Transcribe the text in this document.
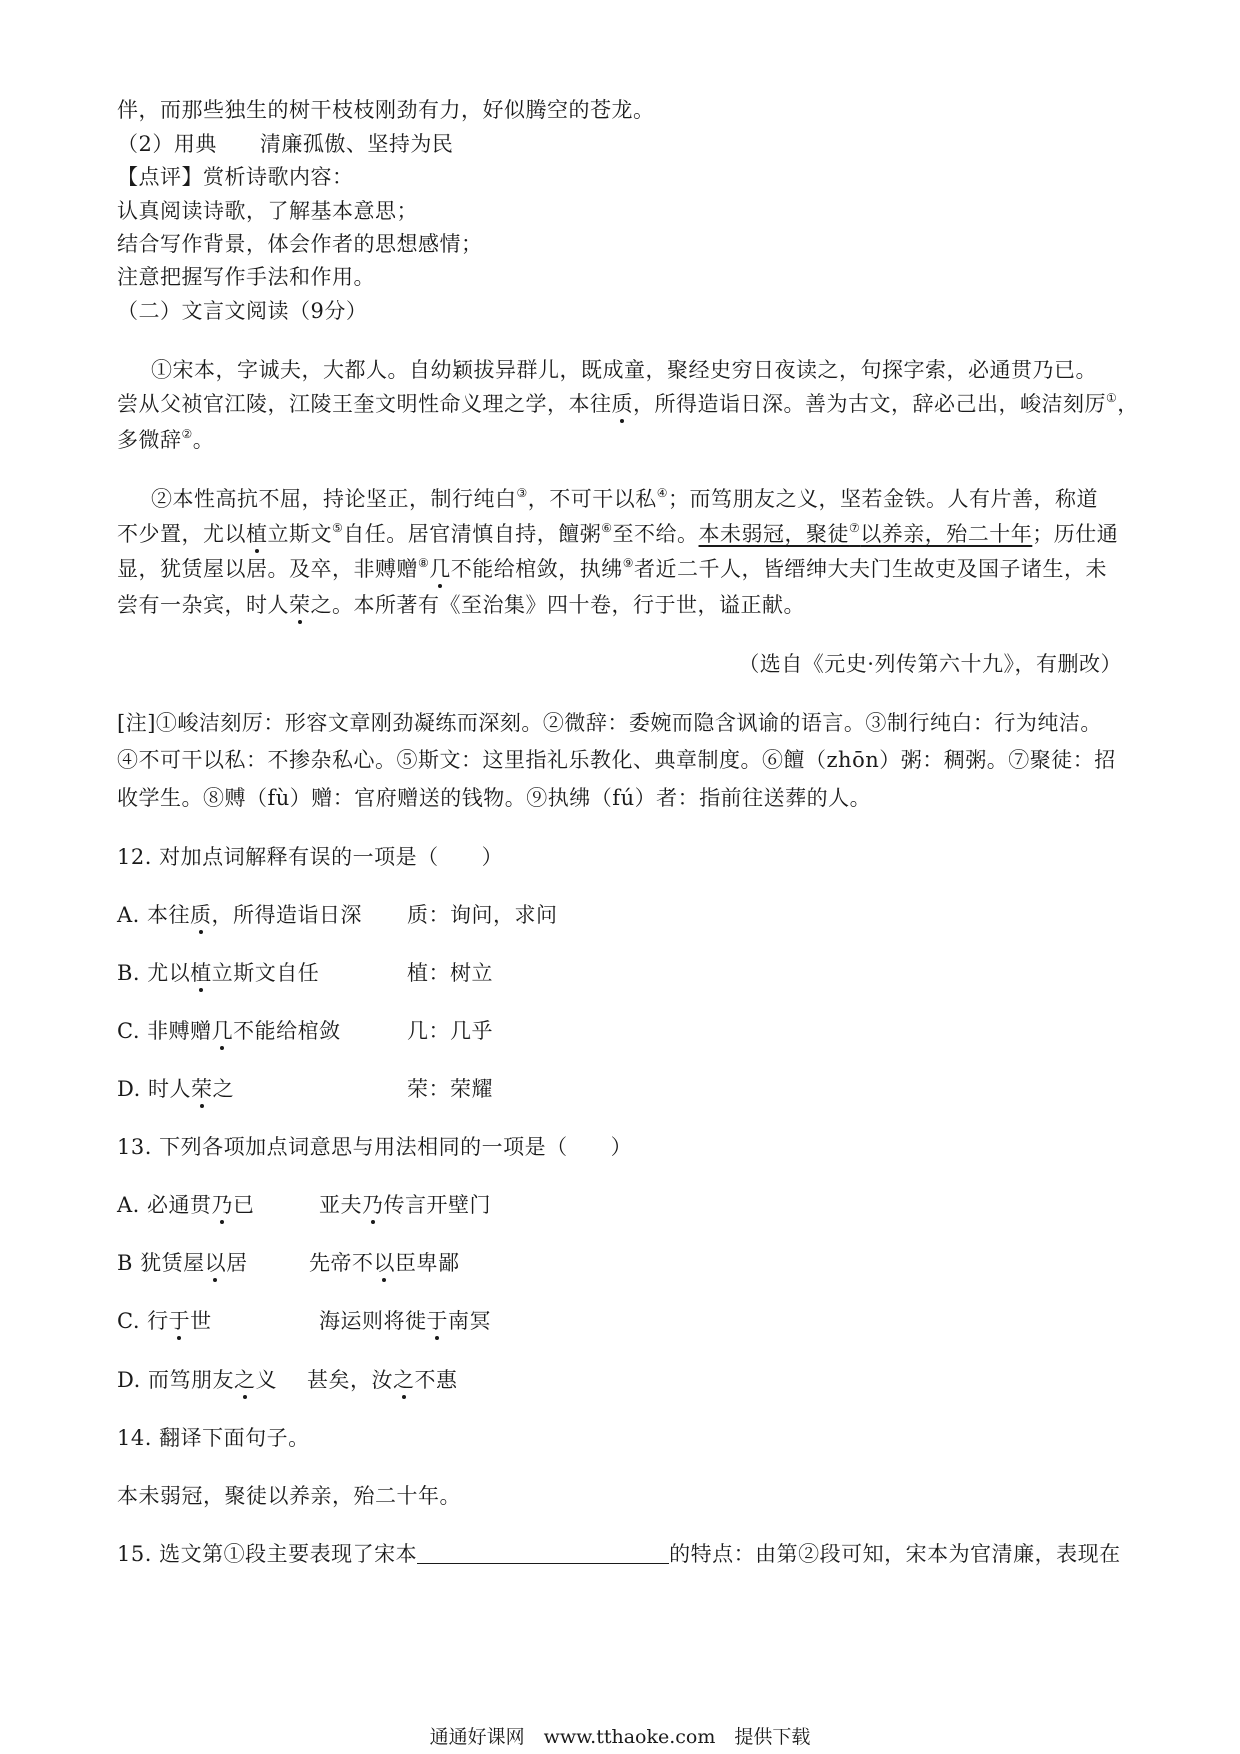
伴，而那些独生的树干枝枝刚劲有力，好似腾空的苍龙。
（2）用典　　清廉孤傲、坚持为民
【点评】赏析诗歌内容：
认真阅读诗歌，了解基本意思；
结合写作背景，体会作者的思想感情；
注意把握写作手法和作用。
（二）文言文阅读（9分）
①宋本，字诚夫，大都人。自幼颖拔异群儿，既成童，聚经史穷日夜读之，句探字索，必通贯乃已。
尝从父祯官江陵，江陵王奎文明性命义理之学，本往质，所得造诣日深。善为古文，辞必己出，峻洁刻厉①，
多微辞②。
②本性高抗不屈，持论坚正，制行纯白③，不可干以私④；而笃朋友之义，坚若金铁。人有片善，称道
不少置，尤以植立斯文⑤自任。居官清慎自持，饘粥⑥至不给。本未弱冠，聚徒⑦以养亲，殆二十年；历仕通
显，犹赁屋以居。及卒，非赙赠⑧几不能给棺敛，执绋⑨者近二千人，皆缙绅大夫门生故吏及国子诸生，未
尝有一杂宾，时人荣之。本所著有《至治集》四十卷，行于世，谥正献。
（选自《元史·列传第六十九》，有删改）
[注]①峻洁刻厉：形容文章刚劲凝练而深刻。②微辞：委婉而隐含讽谕的语言。③制行纯白：行为纯洁。
④不可干以私：不掺杂私心。⑤斯文：这里指礼乐教化、典章制度。⑥饘（zhōn）粥：稠粥。⑦聚徒：招
收学生。⑧赙（fù）赠：官府赠送的钱物。⑨执绋（fú）者：指前往送葬的人。
12. 对加点词解释有误的一项是（　　）
A. 本往质，所得造诣日深 质：询问，求问
B. 尤以植立斯文自任	植：树立
C. 非赙赠几不能给棺敛	几：几乎
D. 时人荣之	荣：荣耀
13. 下列各项加点词意思与用法相同的一项是（　　）
A. 必通贯乃已	亚夫乃传言开壁门
B 犹赁屋以居	先帝不以臣卑鄙
C. 行于世	海运则将徙于南冥
D. 而笃朋友之义 甚矣，汝之不惠
14. 翻译下面句子。
本未弱冠，聚徒以养亲，殆二十年。
15. 选文第①段主要表现了宋本	的特点：由第②段可知，宋本为官清廉，表现在
通通好课网　www.tthaoke.com　提供下载
